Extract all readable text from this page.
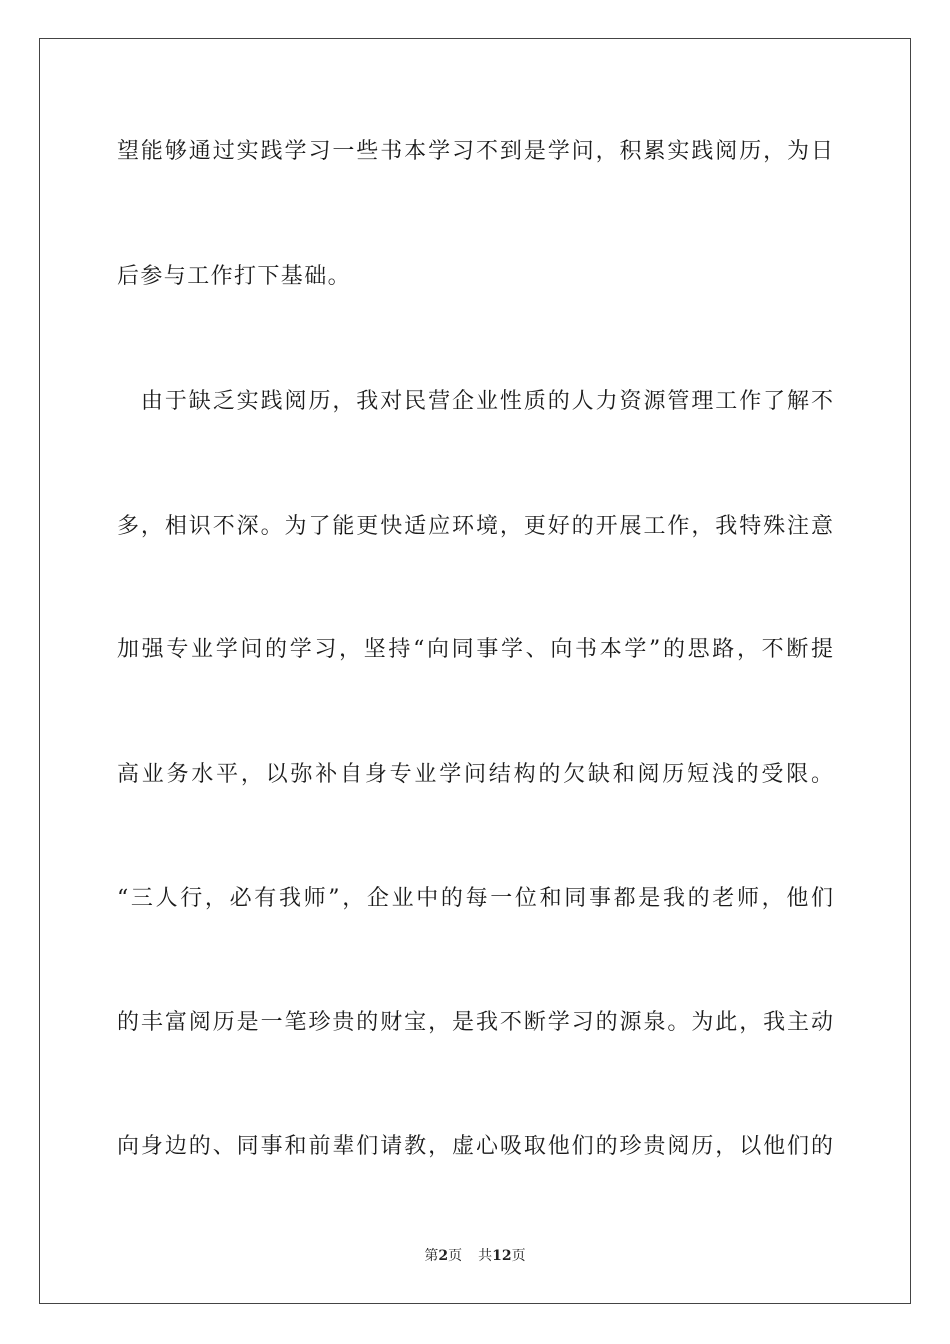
望能够通过实践学习一些书本学习不到是学问，积累实践阅历，为日
后参与工作打下基础。
　由于缺乏实践阅历，我对民营企业性质的人力资源管理工作了解不
多，相识不深。为了能更快适应环境，更好的开展工作，我特殊注意
加强专业学问的学习，坚持“向同事学、向书本学”的思路，不断提
高业务水平，以弥补自身专业学问结构的欠缺和阅历短浅的受限。
“三人行，必有我师”，企业中的每一位和同事都是我的老师，他们
的丰富阅历是一笔珍贵的财宝，是我不断学习的源泉。为此，我主动
向身边的、同事和前辈们请教，虚心吸取他们的珍贵阅历，以他们的
第2页 共12页
